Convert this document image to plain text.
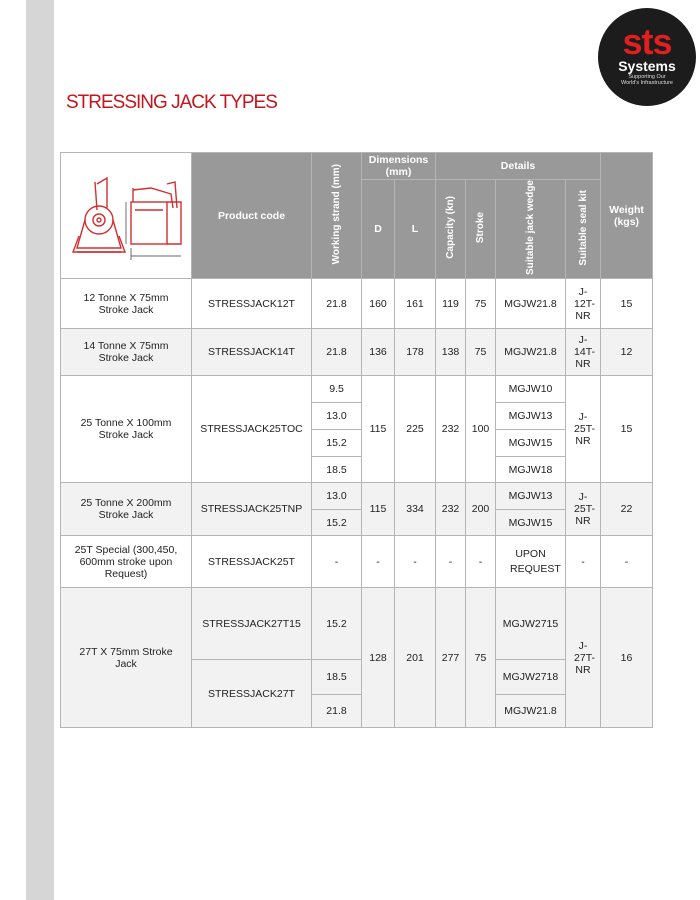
sts
Systems
Supporting Our
World's Infrastructure
STRESSING JACK TYPES
	Product code	Working strand (mm)	Dimensions (mm)		Details				Weight (kgs)
			D	L	Capacity (kn)	Stroke	Suitable jack wedge	Suitable seal kit	
12 Tonne X 75mm Stroke Jack	STRESSJACK12T	21.8	160	161	119	75	MGJW21.8	J-12T-NR	15
14 Tonne X 75mm Stroke Jack	STRESSJACK14T	21.8	136	178	138	75	MGJW21.8	J-14T-NR	12
25 Tonne X 100mm Stroke Jack	STRESSJACK25TOC	9.5	115	225	232	100	MGJW10	J-25T-NR	15
		13.0					MGJW13		
		15.2					MGJW15		
		18.5					MGJW18		
25 Tonne X 200mm Stroke Jack	STRESSJACK25TNP	13.0	115	334	232	200	MGJW13	J-25T-NR	22
		15.2					MGJW15		
25T Special (300,450, 600mm stroke upon Request)	STRESSJACK25T	-	-	-	-	-	UPON REQUEST	-	-
27T X 75mm Stroke Jack	STRESSJACK27T15	15.2	128	201	277	75	MGJW2715	J-27T-NR	16
	STRESSJACK27T	18.5					MGJW2718		
		21.8					MGJW21.8		
